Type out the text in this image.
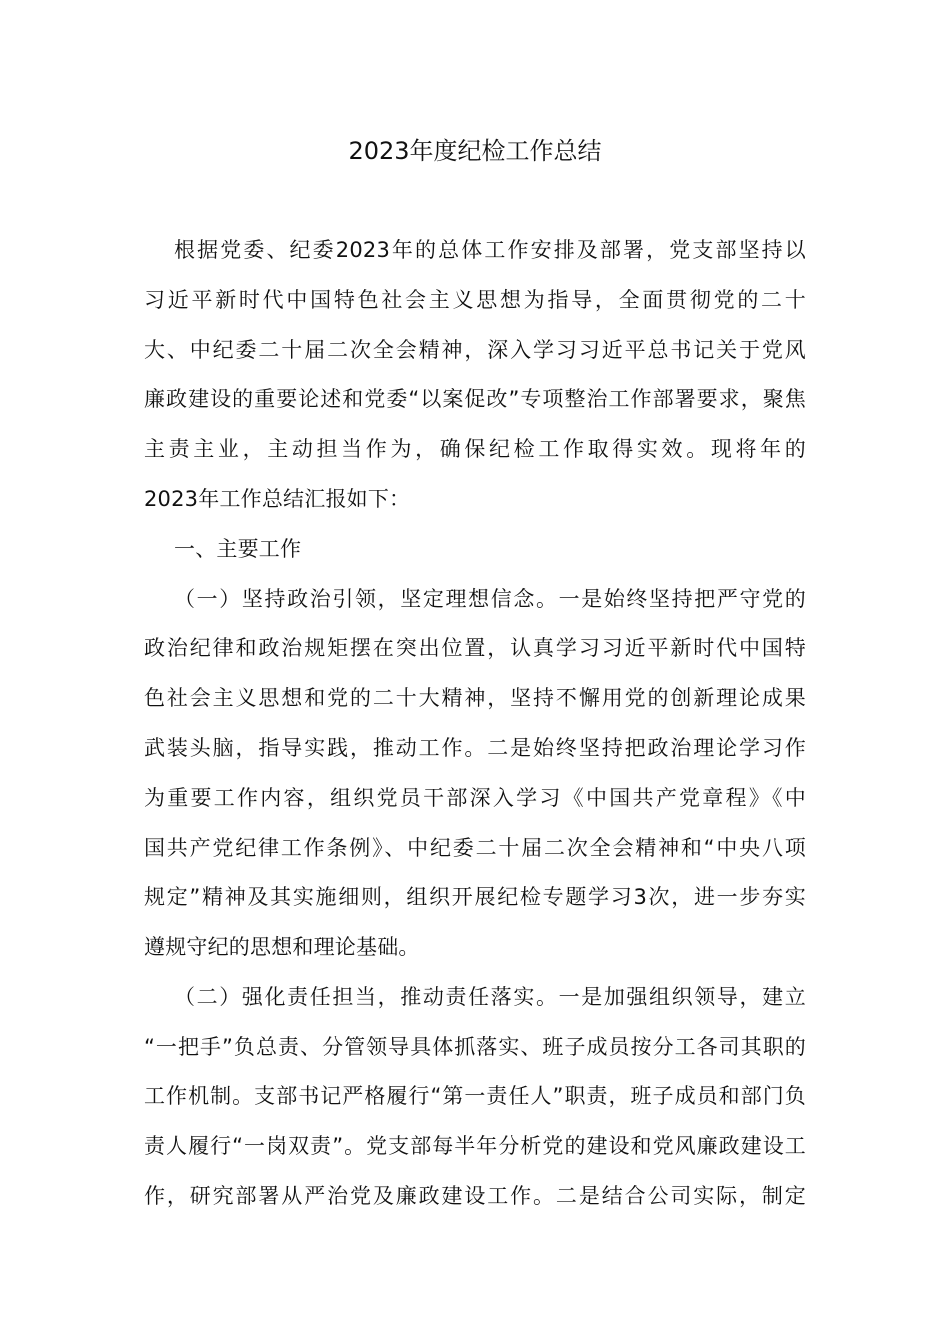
2023年度纪检工作总结
根据党委、纪委2023年的总体工作安排及部署，党支部坚持以
习近平新时代中国特色社会主义思想为指导，全面贯彻党的二十
大、中纪委二十届二次全会精神，深入学习习近平总书记关于党风
廉政建设的重要论述和党委“以案促改”专项整治工作部署要求，聚焦
主责主业，主动担当作为，确保纪检工作取得实效。现将年的
2023年工作总结汇报如下：
一、主要工作
（一）坚持政治引领，坚定理想信念。一是始终坚持把严守党的
政治纪律和政治规矩摆在突出位置，认真学习习近平新时代中国特
色社会主义思想和党的二十大精神，坚持不懈用党的创新理论成果
武装头脑，指导实践，推动工作。二是始终坚持把政治理论学习作
为重要工作内容，组织党员干部深入学习《中国共产党章程》《中
国共产党纪律工作条例》、中纪委二十届二次全会精神和“中央八项
规定”精神及其实施细则，组织开展纪检专题学习3次，进一步夯实
遵规守纪的思想和理论基础。
（二）强化责任担当，推动责任落实。一是加强组织领导，建立
“一把手”负总责、分管领导具体抓落实、班子成员按分工各司其职的
工作机制。支部书记严格履行“第一责任人”职责，班子成员和部门负
责人履行“一岗双责”。党支部每半年分析党的建设和党风廉政建设工
作，研究部署从严治党及廉政建设工作。二是结合公司实际，制定
